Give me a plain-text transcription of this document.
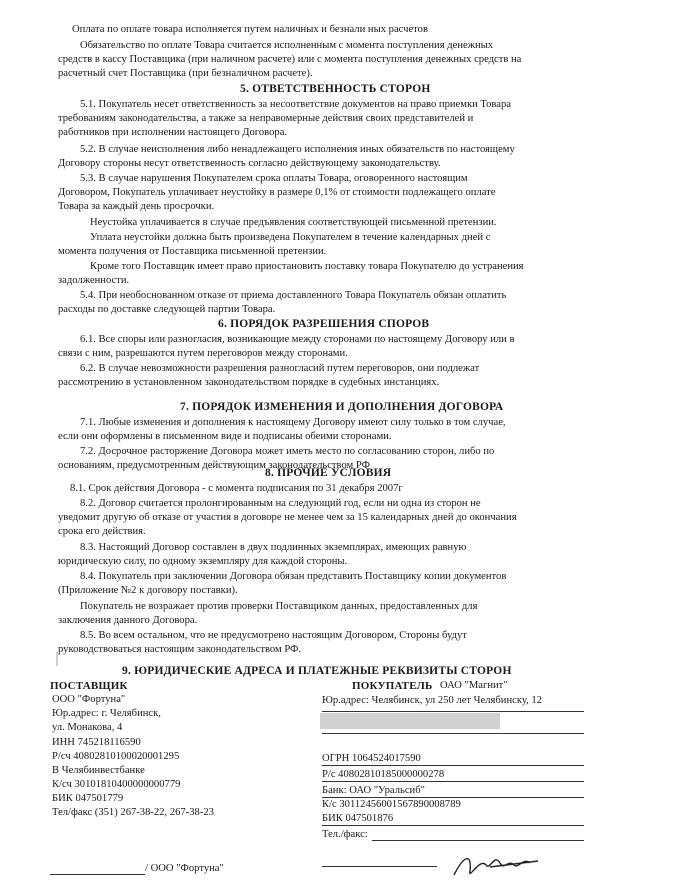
Оплата по оплате товара исполняется путем наличных и безнали ных расчетов
Обязательство по оплате Товара считается исполненным с момента поступления денежных
средств в кассу Поставщика (при наличном расчете) или с момента поступления денежных средств на
расчетный счет Поставщика (при безналичном расчете).
5. ОТВЕТСТВЕННОСТЬ СТОРОН
5.1. Покупатель несет ответственность за несоответствие документов на право приемки Товара
требованиям законодательства, а также за неправомерные действия своих представителей и
работников при исполнении настоящего Договора.
5.2. В случае неисполнения либо ненадлежащего исполнения иных обязательств по настоящему
Договору стороны несут ответственность согласно действующему законодательству.
5.3. В случае нарушения Покупателем срока оплаты Товара, оговоренного настоящим
Договором, Покупатель уплачивает неустойку в размере 0,1% от стоимости подлежащего оплате
Товара за каждый день просрочки.
Неустойка уплачивается в случае предъявления соответствующей письменной претензии.
Уплата неустойки должна быть произведена Покупателем в течение календарных дней с
момента получения от Поставщика письменной претензии.
Кроме того Поставщик имеет право приостановить поставку товара Покупателю до устранения
задолженности.
5.4. При необоснованном отказе от приема доставленного Товара Покупатель обязан оплатить
расходы по доставке следующей партии Товара.
6. ПОРЯДОК РАЗРЕШЕНИЯ СПОРОВ
6.1. Все споры или разногласия, возникающие между сторонами по настоящему Договору или в
связи с ним, разрешаются путем переговоров между сторонами.
6.2. В случае невозможности разрешения разногласий путем переговоров, они подлежат
рассмотрению в установленном законодательством порядке в судебных инстанциях.
7. ПОРЯДОК ИЗМЕНЕНИЯ И ДОПОЛНЕНИЯ ДОГОВОРА
7.1. Любые изменения и дополнения к настоящему Договору имеют силу только в том случае,
если они оформлены в письменном виде и подписаны обеими сторонами.
7.2. Досрочное расторжение Договора может иметь место по согласованию сторон, либо по
основаниям, предусмотренным действующим законодательством РФ
8. ПРОЧИЕ УСЛОВИЯ
8.1. Срок действия Договора - с момента подписания по 31 декабря 2007г
8.2. Договор считается пролонгированным на следующий год, если ни одна из сторон не
уведомит другую об отказе от участия в договоре не менее чем за 15 календарных дней до окончания
срока его действия.
8.3. Настоящий Договор составлен в двух подлинных экземплярах, имеющих равную
юридическую силу, по одному экземпляру для каждой стороны.
8.4. Покупатель при заключении Договора обязан представить Поставщику копии документов
(Приложение №2 к договору поставки).
Покупатель не возражает против проверки Поставщиком данных, предоставленных для
заключения данного Договора.
8.5. Во всем остальном, что не предусмотрено настоящим Договором, Стороны будут
руководствоваться настоящим законодательством РФ.
9. ЮРИДИЧЕСКИЕ АДРЕСА И ПЛАТЕЖНЫЕ РЕКВИЗИТЫ СТОРОН
ПОСТАВЩИК
ООО "Фортуна"
Юр.адрес: г. Челябинск,
ул. Монакова, 4
ИНН 745218116590
Р/сч 40802810100020001295
В Челябинвестбанке
К/сч 30101810400000000779
БИК 047501779
Тел/факс (351) 267-38-22, 267-38-23
/ ООО "Фортуна"
ПОКУПАТЕЛЬ ОАО "Магнит"
Юр.адрес: Челябинск, ул 250 лет Челябинску, 12
ОГРН 1064524017590
Р/с 40802810185000000278
Банк: ОАО "Уральсиб"
К/с 30112456001567890008789
БИК 047501876
Тел./факс:
